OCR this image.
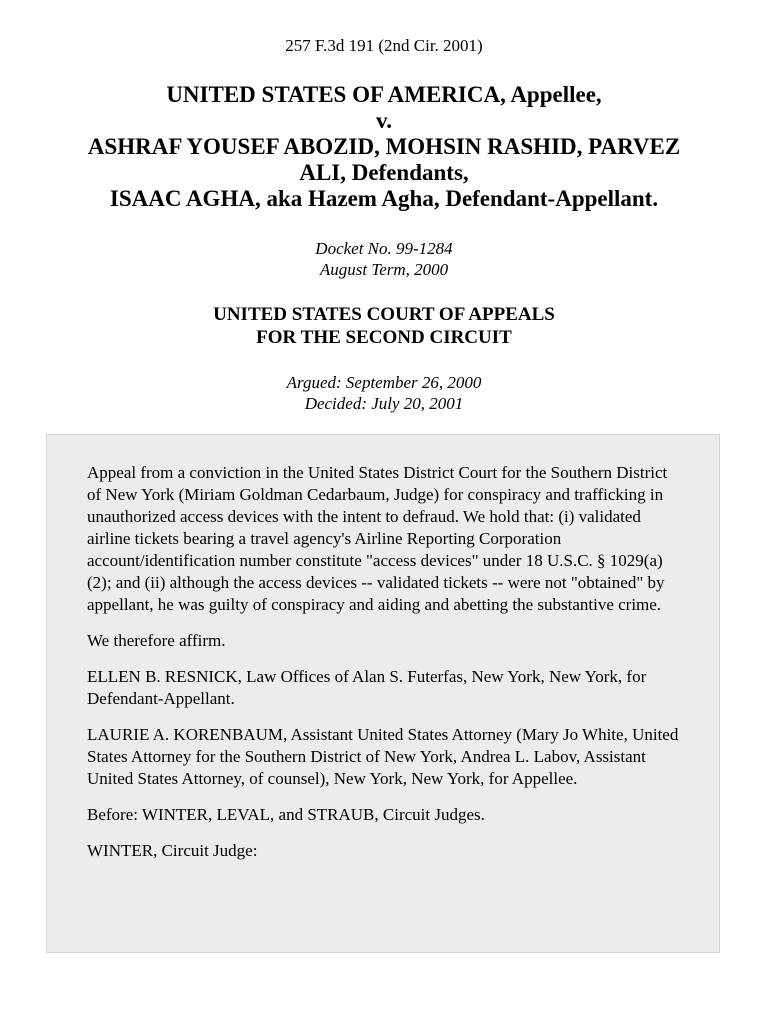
257 F.3d 191 (2nd Cir. 2001)
UNITED STATES OF AMERICA, Appellee,
v.
ASHRAF YOUSEF ABOZID, MOHSIN RASHID, PARVEZ
ALI, Defendants,
ISAAC AGHA, aka Hazem Agha, Defendant-Appellant.
Docket No. 99-1284
August Term, 2000
UNITED STATES COURT OF APPEALS
FOR THE SECOND CIRCUIT
Argued: September 26, 2000
Decided: July 20, 2001

Appeal from a conviction in the United States District Court for the Southern District of New York (Miriam Goldman Cedarbaum, Judge) for conspiracy and trafficking in unauthorized access devices with the intent to defraud. We hold that: (i) validated airline tickets bearing a travel agency's Airline Reporting Corporation account/identification number constitute "access devices" under 18 U.S.C. § 1029(a)(2); and (ii) although the access devices -- validated tickets -- were not "obtained" by appellant, he was guilty of conspiracy and aiding and abetting the substantive crime.

We therefore affirm.

ELLEN B. RESNICK, Law Offices of Alan S. Futerfas, New York, New York, for Defendant-Appellant.

LAURIE A. KORENBAUM, Assistant United States Attorney (Mary Jo White, United States Attorney for the Southern District of New York, Andrea L. Labov, Assistant United States Attorney, of counsel), New York, New York, for Appellee.

Before: WINTER, LEVAL, and STRAUB, Circuit Judges.

WINTER, Circuit Judge:
